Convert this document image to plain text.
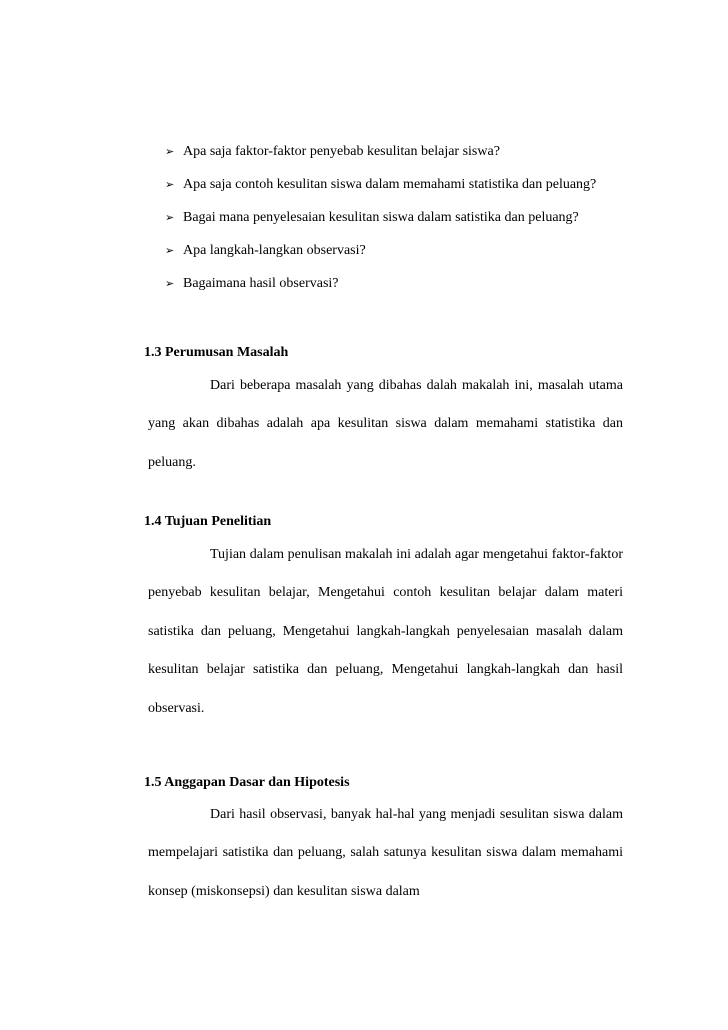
➢ Apa saja faktor-faktor penyebab kesulitan belajar siswa?
➢ Apa saja contoh kesulitan siswa dalam memahami statistika dan peluang?
➢ Bagai mana penyelesaian kesulitan siswa dalam satistika dan peluang?
➢ Apa langkah-langkan observasi?
➢ Bagaimana hasil observasi?
1.3 Perumusan Masalah

Dari beberapa masalah yang dibahas dalah makalah ini, masalah utama yang akan dibahas adalah apa kesulitan siswa dalam memahami statistika dan peluang.

1.4 Tujuan Penelitian

Tujian dalam penulisan makalah ini adalah agar mengetahui faktor-faktor penyebab kesulitan belajar, Mengetahui contoh kesulitan belajar dalam materi satistika dan peluang, Mengetahui langkah-langkah penyelesaian masalah dalam kesulitan belajar satistika dan peluang, Mengetahui langkah-langkah dan hasil observasi.

1.5 Anggapan Dasar dan Hipotesis

Dari hasil observasi, banyak hal-hal yang menjadi sesulitan siswa dalam mempelajari satistika dan peluang, salah satunya kesulitan siswa dalam memahami konsep (miskonsepsi) dan kesulitan siswa dalam
